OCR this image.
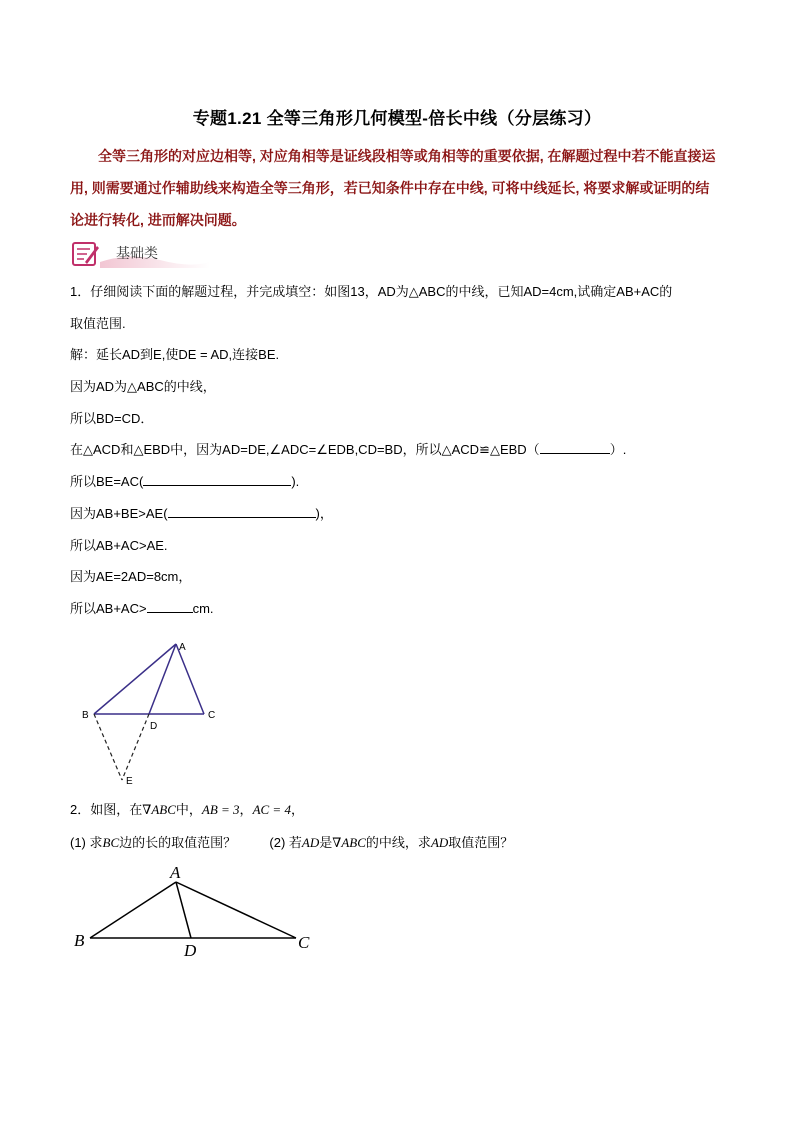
专题1.21 全等三角形几何模型-倍长中线（分层练习）
全等三角形的对应边相等, 对应角相等是证线段相等或角相等的重要依据, 在解题过程中若不能直接运用, 则需要通过作辅助线来构造全等三角形，若已知条件中存在中线, 可将中线延长, 将要求解或证明的结论进行转化, 进而解决问题。
基础类
1．仔细阅读下面的解题过程，并完成填空：如图13，AD为△ABC的中线，已知AD=4cm,试确定AB+AC的
取值范围.
解：延长AD到E,使DE = AD,连接BE.
因为AD为△ABC的中线，
所以BD=CD．
在△ACD和△EBD中，因为AD=DE,∠ADC=∠EDB,CD=BD，所以△ACD≌△EBD（	）.
所以BE=AC(	).
因为AB+BE>AE(	)，
所以AB+AC>AE.
因为AE=2AD=8cm，
所以AB+AC>	cm.
A
B	C
D
E
2．如图，在∇ABC中，AB = 3，AC = 4，
(1) 求BC边的长的取值范围？	(2) 若AD是∇ABC的中线，求AD取值范围？
A
B	C
D
